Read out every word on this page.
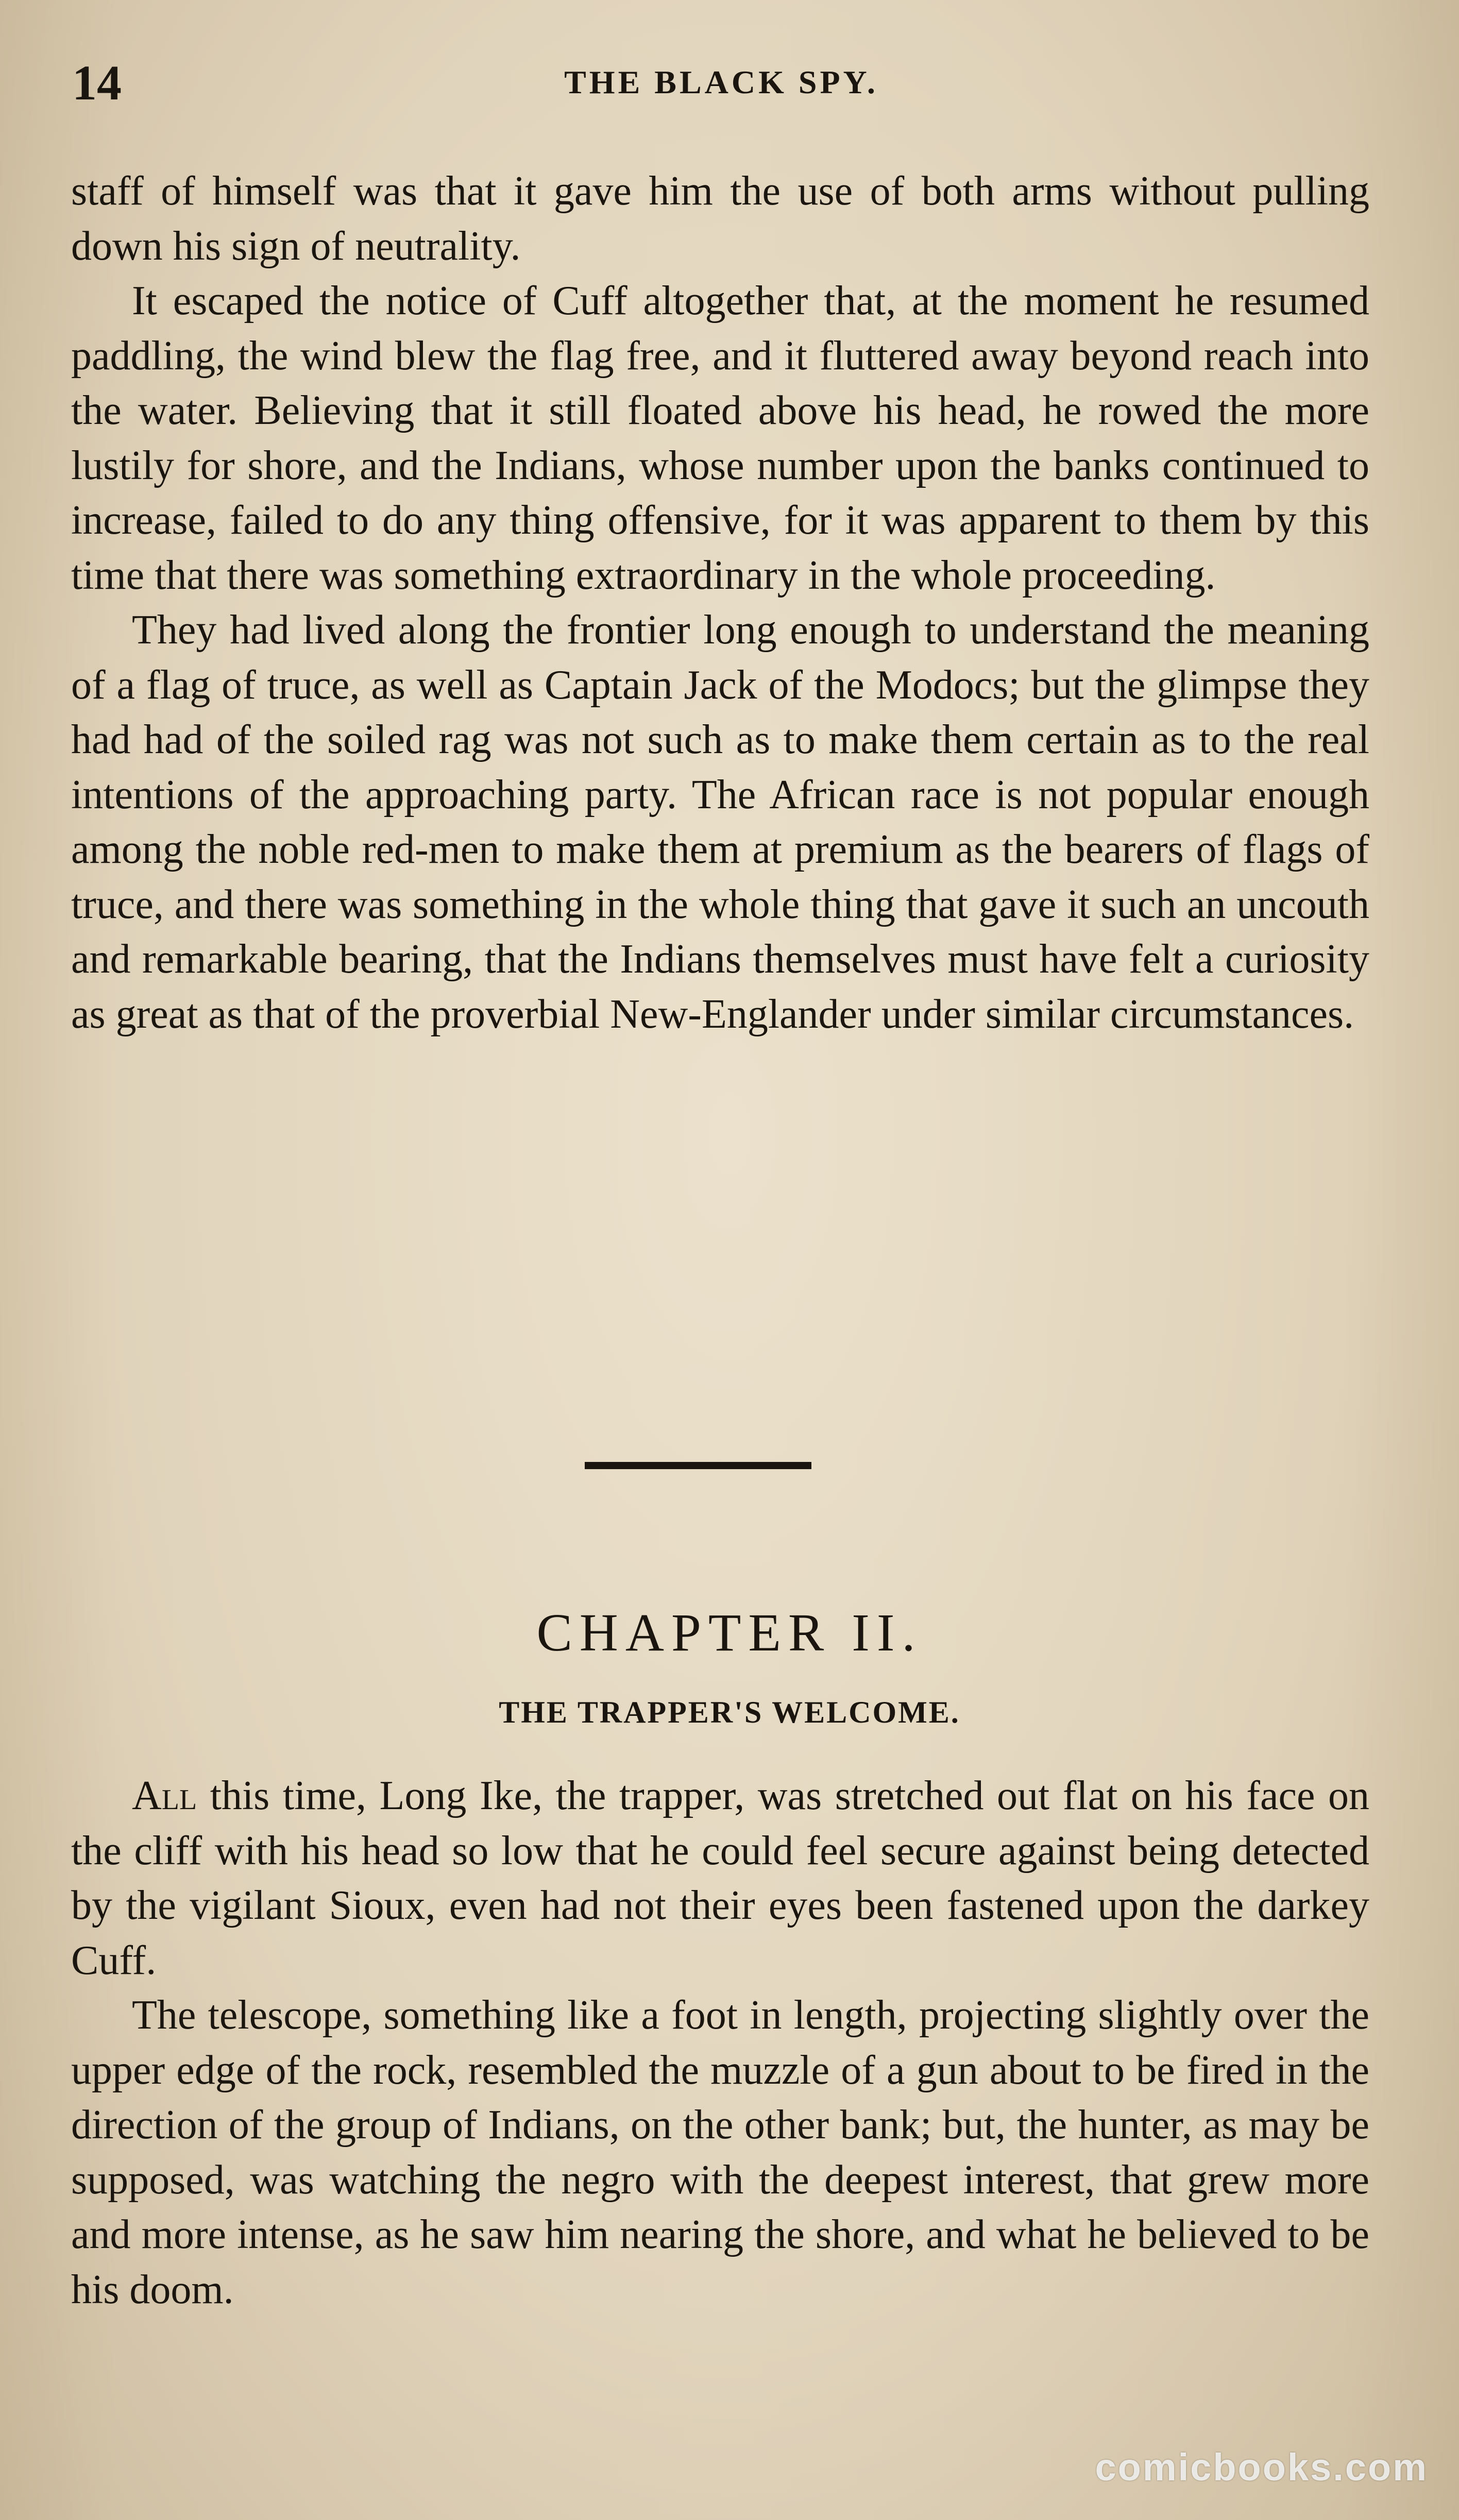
14	THE BLACK SPY.

staff of himself was that it gave him the use of both arms without pulling down his sign of neutrality.

It escaped the notice of Cuff altogether that, at the moment he resumed paddling, the wind blew the flag free, and it fluttered away beyond reach into the water. Believing that it still floated above his head, he rowed the more lustily for shore, and the Indians, whose number upon the banks continued to increase, failed to do any thing offensive, for it was apparent to them by this time that there was something extraordinary in the whole proceeding.

They had lived along the frontier long enough to understand the meaning of a flag of truce, as well as Captain Jack of the Modocs; but the glimpse they had had of the soiled rag was not such as to make them certain as to the real intentions of the approaching party. The African race is not popular enough among the noble red-men to make them at premium as the bearers of flags of truce, and there was something in the whole thing that gave it such an uncouth and remarkable bearing, that the Indians themselves must have felt a curiosity as great as that of the proverbial New-Englander under similar circumstances.

CHAPTER II.
THE TRAPPER'S WELCOME.

All this time, Long Ike, the trapper, was stretched out flat on his face on the cliff with his head so low that he could feel secure against being detected by the vigilant Sioux, even had not their eyes been fastened upon the darkey Cuff.

The telescope, something like a foot in length, projecting slightly over the upper edge of the rock, resembled the muzzle of a gun about to be fired in the direction of the group of Indians, on the other bank; but, the hunter, as may be supposed, was watching the negro with the deepest interest, that grew more and more intense, as he saw him nearing the shore, and what he believed to be his doom.

comicbooks.com
